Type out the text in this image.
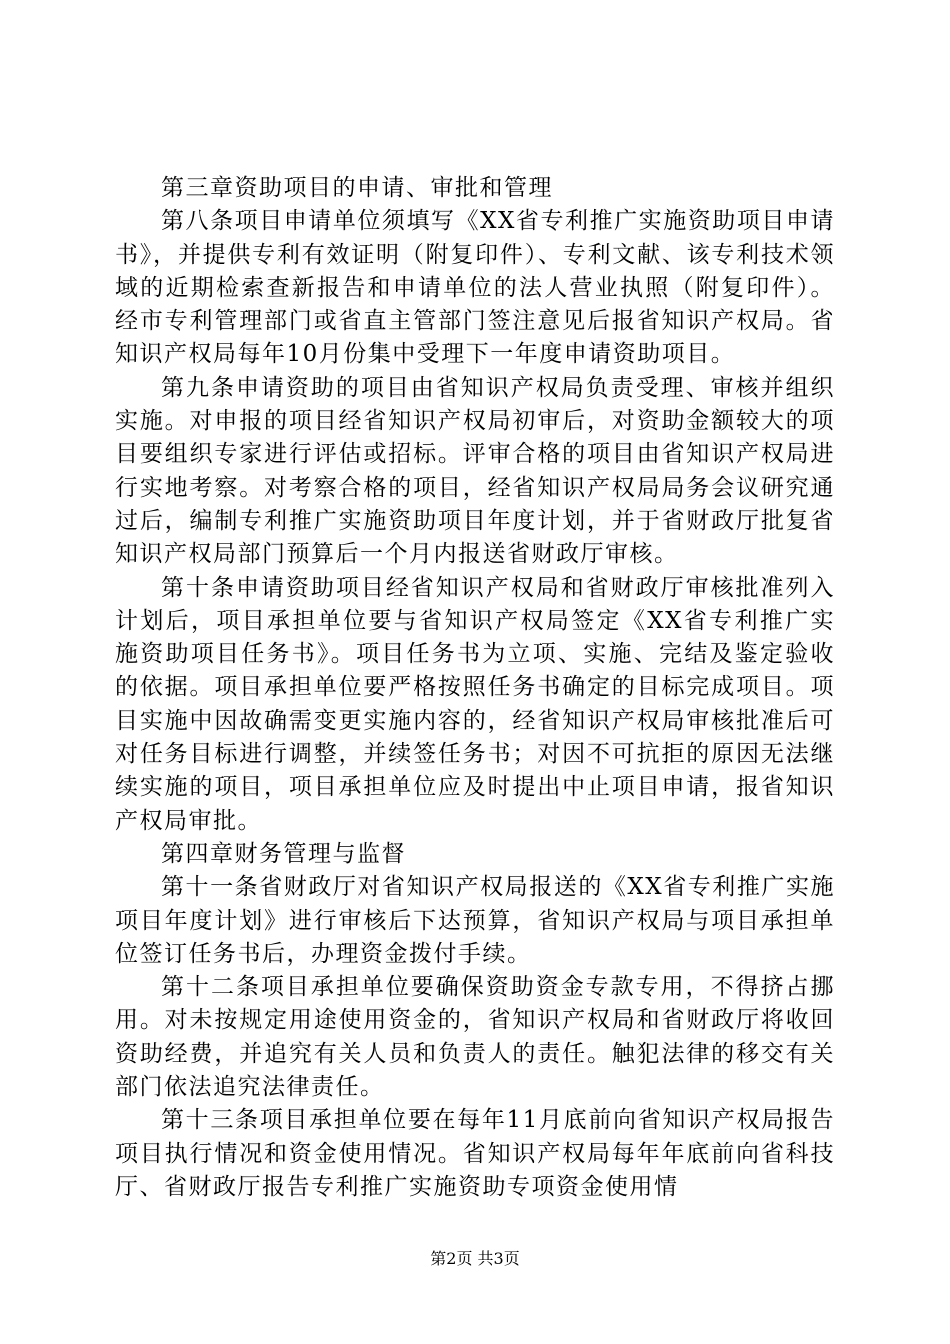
第三章资助项目的申请、审批和管理

第八条项目申请单位须填写《XX省专利推广实施资助项目申请书》，并提供专利有效证明（附复印件）、专利文献、该专利技术领域的近期检索查新报告和申请单位的法人营业执照（附复印件）。经市专利管理部门或省直主管部门签注意见后报省知识产权局。省知识产权局每年10月份集中受理下一年度申请资助项目。

第九条申请资助的项目由省知识产权局负责受理、审核并组织实施。对申报的项目经省知识产权局初审后，对资助金额较大的项目要组织专家进行评估或招标。评审合格的项目由省知识产权局进行实地考察。对考察合格的项目，经省知识产权局局务会议研究通过后，编制专利推广实施资助项目年度计划，并于省财政厅批复省知识产权局部门预算后一个月内报送省财政厅审核。

第十条申请资助项目经省知识产权局和省财政厅审核批准列入计划后，项目承担单位要与省知识产权局签定《XX省专利推广实施资助项目任务书》。项目任务书为立项、实施、完结及鉴定验收的依据。项目承担单位要严格按照任务书确定的目标完成项目。项目实施中因故确需变更实施内容的，经省知识产权局审核批准后可对任务目标进行调整，并续签任务书；对因不可抗拒的原因无法继续实施的项目，项目承担单位应及时提出中止项目申请，报省知识产权局审批。

第四章财务管理与监督

第十一条省财政厅对省知识产权局报送的《XX省专利推广实施项目年度计划》进行审核后下达预算，省知识产权局与项目承担单位签订任务书后，办理资金拨付手续。

第十二条项目承担单位要确保资助资金专款专用，不得挤占挪用。对未按规定用途使用资金的，省知识产权局和省财政厅将收回资助经费，并追究有关人员和负责人的责任。触犯法律的移交有关部门依法追究法律责任。

第十三条项目承担单位要在每年11月底前向省知识产权局报告项目执行情况和资金使用情况。省知识产权局每年年底前向省科技厅、省财政厅报告专利推广实施资助专项资金使用情

第2页 共3页
